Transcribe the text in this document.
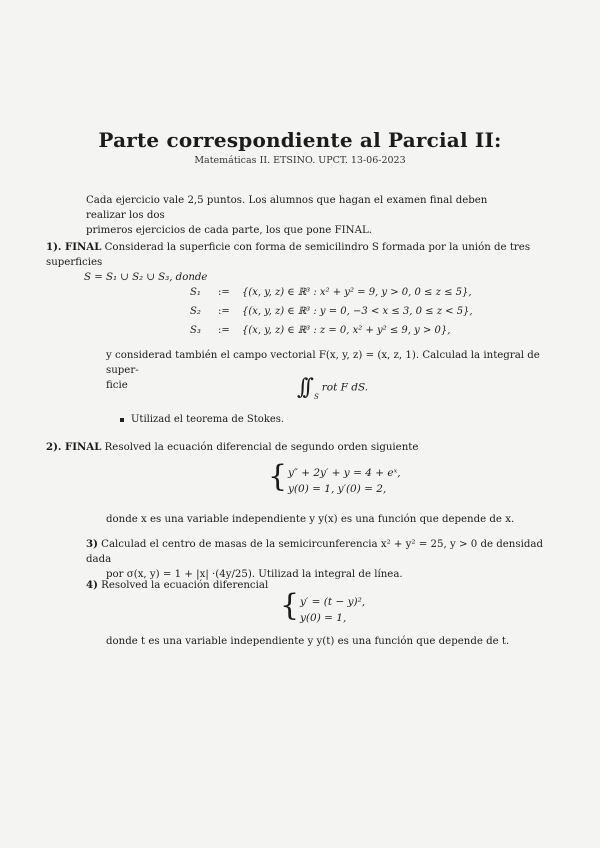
Parte correspondiente al Parcial II:
Matemáticas II. ETSINO. UPCT. 13-06-2023
Cada ejercicio vale 2,5 puntos. Los alumnos que hagan el examen final deben realizar los dos
primeros ejercicios de cada parte, los que pone FINAL.
1). FINAL Considerad la superficie con forma de semicilindro S formada por la unión de tres superficies
S = S₁ ∪ S₂ ∪ S₃, donde
S₁ := {(x, y, z) ∈ ℝ³ : x² + y² = 9, y > 0, 0 ≤ z ≤ 5},
S₂ := {(x, y, z) ∈ ℝ³ : y = 0, −3 < x ≤ 3, 0 ≤ z < 5},
S₃ := {(x, y, z) ∈ ℝ³ : z = 0, x² + y² ≤ 9, y > 0},
y considerad también el campo vectorial F(x, y, z) = (x, z, 1). Calculad la integral de super-
ficie	∫∫ $_S$rot F dS.
Utilizad el teorema de Stokes.
2). FINAL Resolved la ecuación diferencial de segundo orden siguiente
{ y″ + 2y′ + y = 4 + eˣ,
y(0) = 1, y′(0) = 2,
donde x es una variable independiente y y(x) es una función que depende de x.
3) Calculad el centro de masas de la semicircunferencia x² + y² = 25, y > 0 de densidad dada
por σ(x, y) = 1 + |x| ·(4y/25). Utilizad la integral de línea.
4) Resolved la ecuación diferencial
{ y′ = (t − y)²,
y(0) = 1,
donde t es una variable independiente y y(t) es una función que depende de t.
